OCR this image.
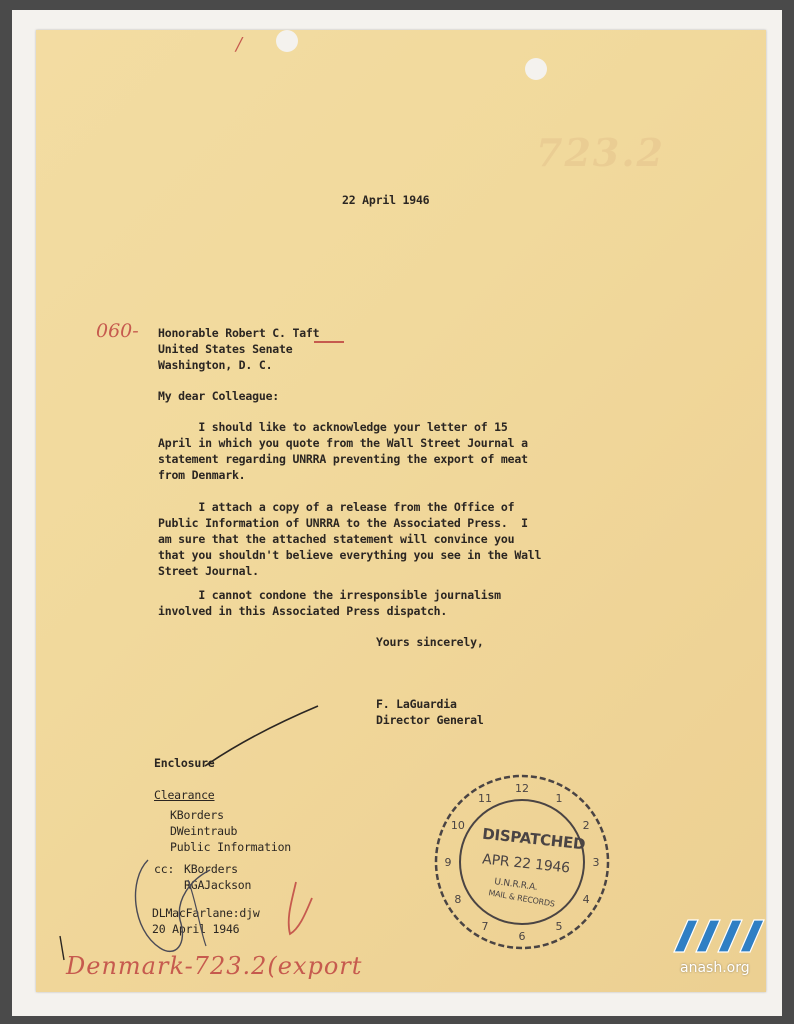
723.2
/
22 April 1946
060- Honorable Robert C. Taft
United States Senate
Washington, D. C.
My dear Colleague:
I should like to acknowledge your letter of 15
April in which you quote from the Wall Street Journal a
statement regarding UNRRA preventing the export of meat
from Denmark.
I attach a copy of a release from the Office of
Public Information of UNRRA to the Associated Press.  I
am sure that the attached statement will convince you
that you shouldn't believe everything you see in the Wall
Street Journal.
I cannot condone the irresponsible journalism
involved in this Associated Press dispatch.
Yours sincerely,
F. LaGuardia
Director General
Enclosure
Clearance
KBorders
DWeintraub
Public Information
cc: KBorders
RGAJackson
DLMacFarlane:djw
20 April 1946
Denmark-723.2(export
12
1
2
3
4
5
6
7
8
9
10
11
DISPATCHED
APR 22 1946
U.N.R.R.A.
MAIL & RECORDS
anash.org
